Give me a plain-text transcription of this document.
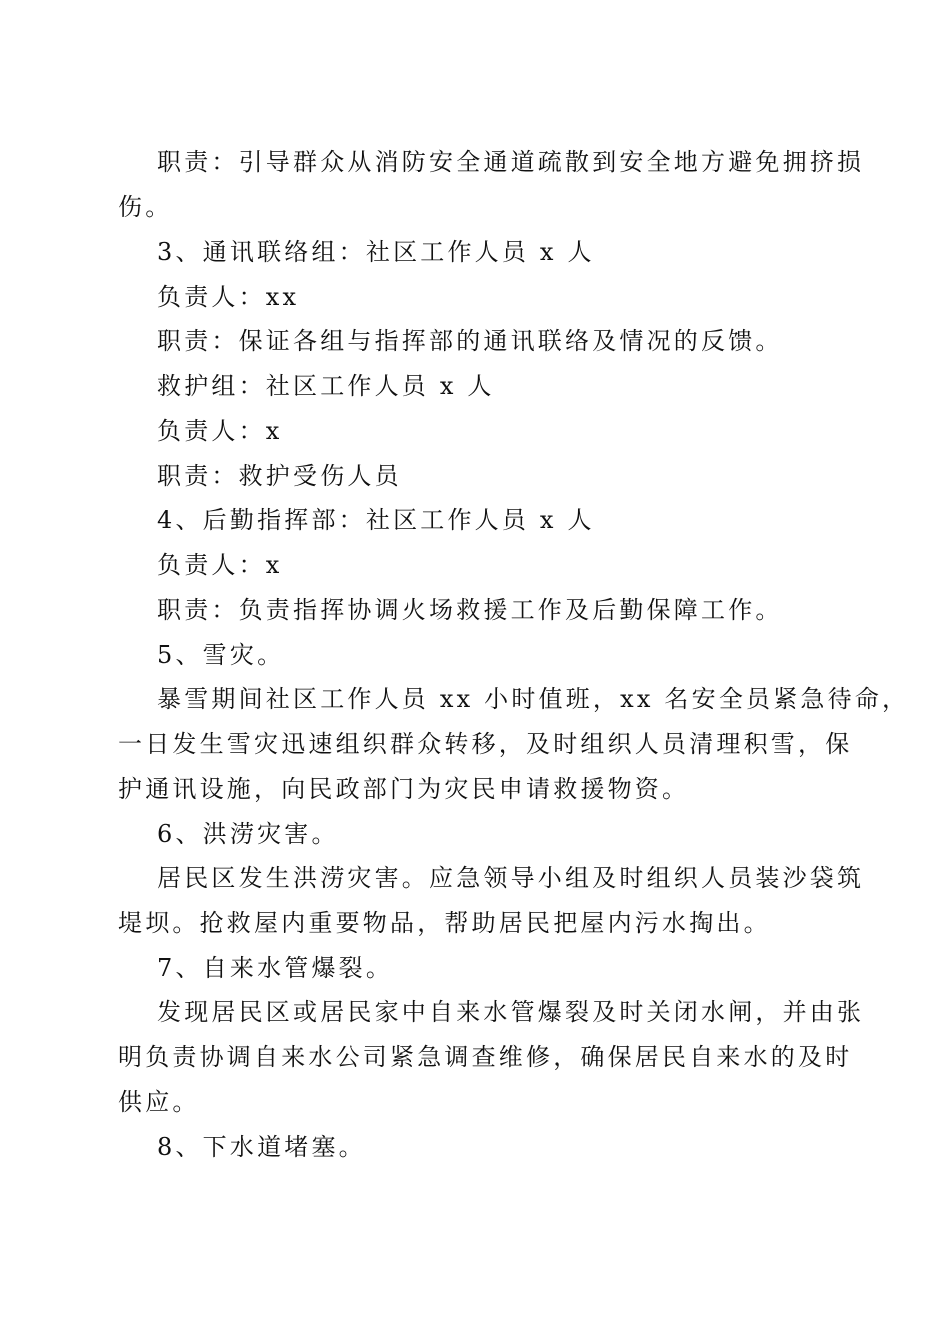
职责：引导群众从消防安全通道疏散到安全地方避免拥挤损
伤。
3、通讯联络组：社区工作人员 x 人
负责人：xx
职责：保证各组与指挥部的通讯联络及情况的反馈。
救护组：社区工作人员 x 人
负责人：x
职责：救护受伤人员
4、后勤指挥部：社区工作人员 x 人
负责人：x
职责：负责指挥协调火场救援工作及后勤保障工作。
5、雪灾。
暴雪期间社区工作人员 xx 小时值班，xx 名安全员紧急待命，
一日发生雪灾迅速组织群众转移，及时组织人员清理积雪，保
护通讯设施，向民政部门为灾民申请救援物资。
6、洪涝灾害。
居民区发生洪涝灾害。应急领导小组及时组织人员装沙袋筑
堤坝。抢救屋内重要物品，帮助居民把屋内污水掏出。
7、自来水管爆裂。
发现居民区或居民家中自来水管爆裂及时关闭水闸，并由张
明负责协调自来水公司紧急调查维修，确保居民自来水的及时
供应。
8、下水道堵塞。
